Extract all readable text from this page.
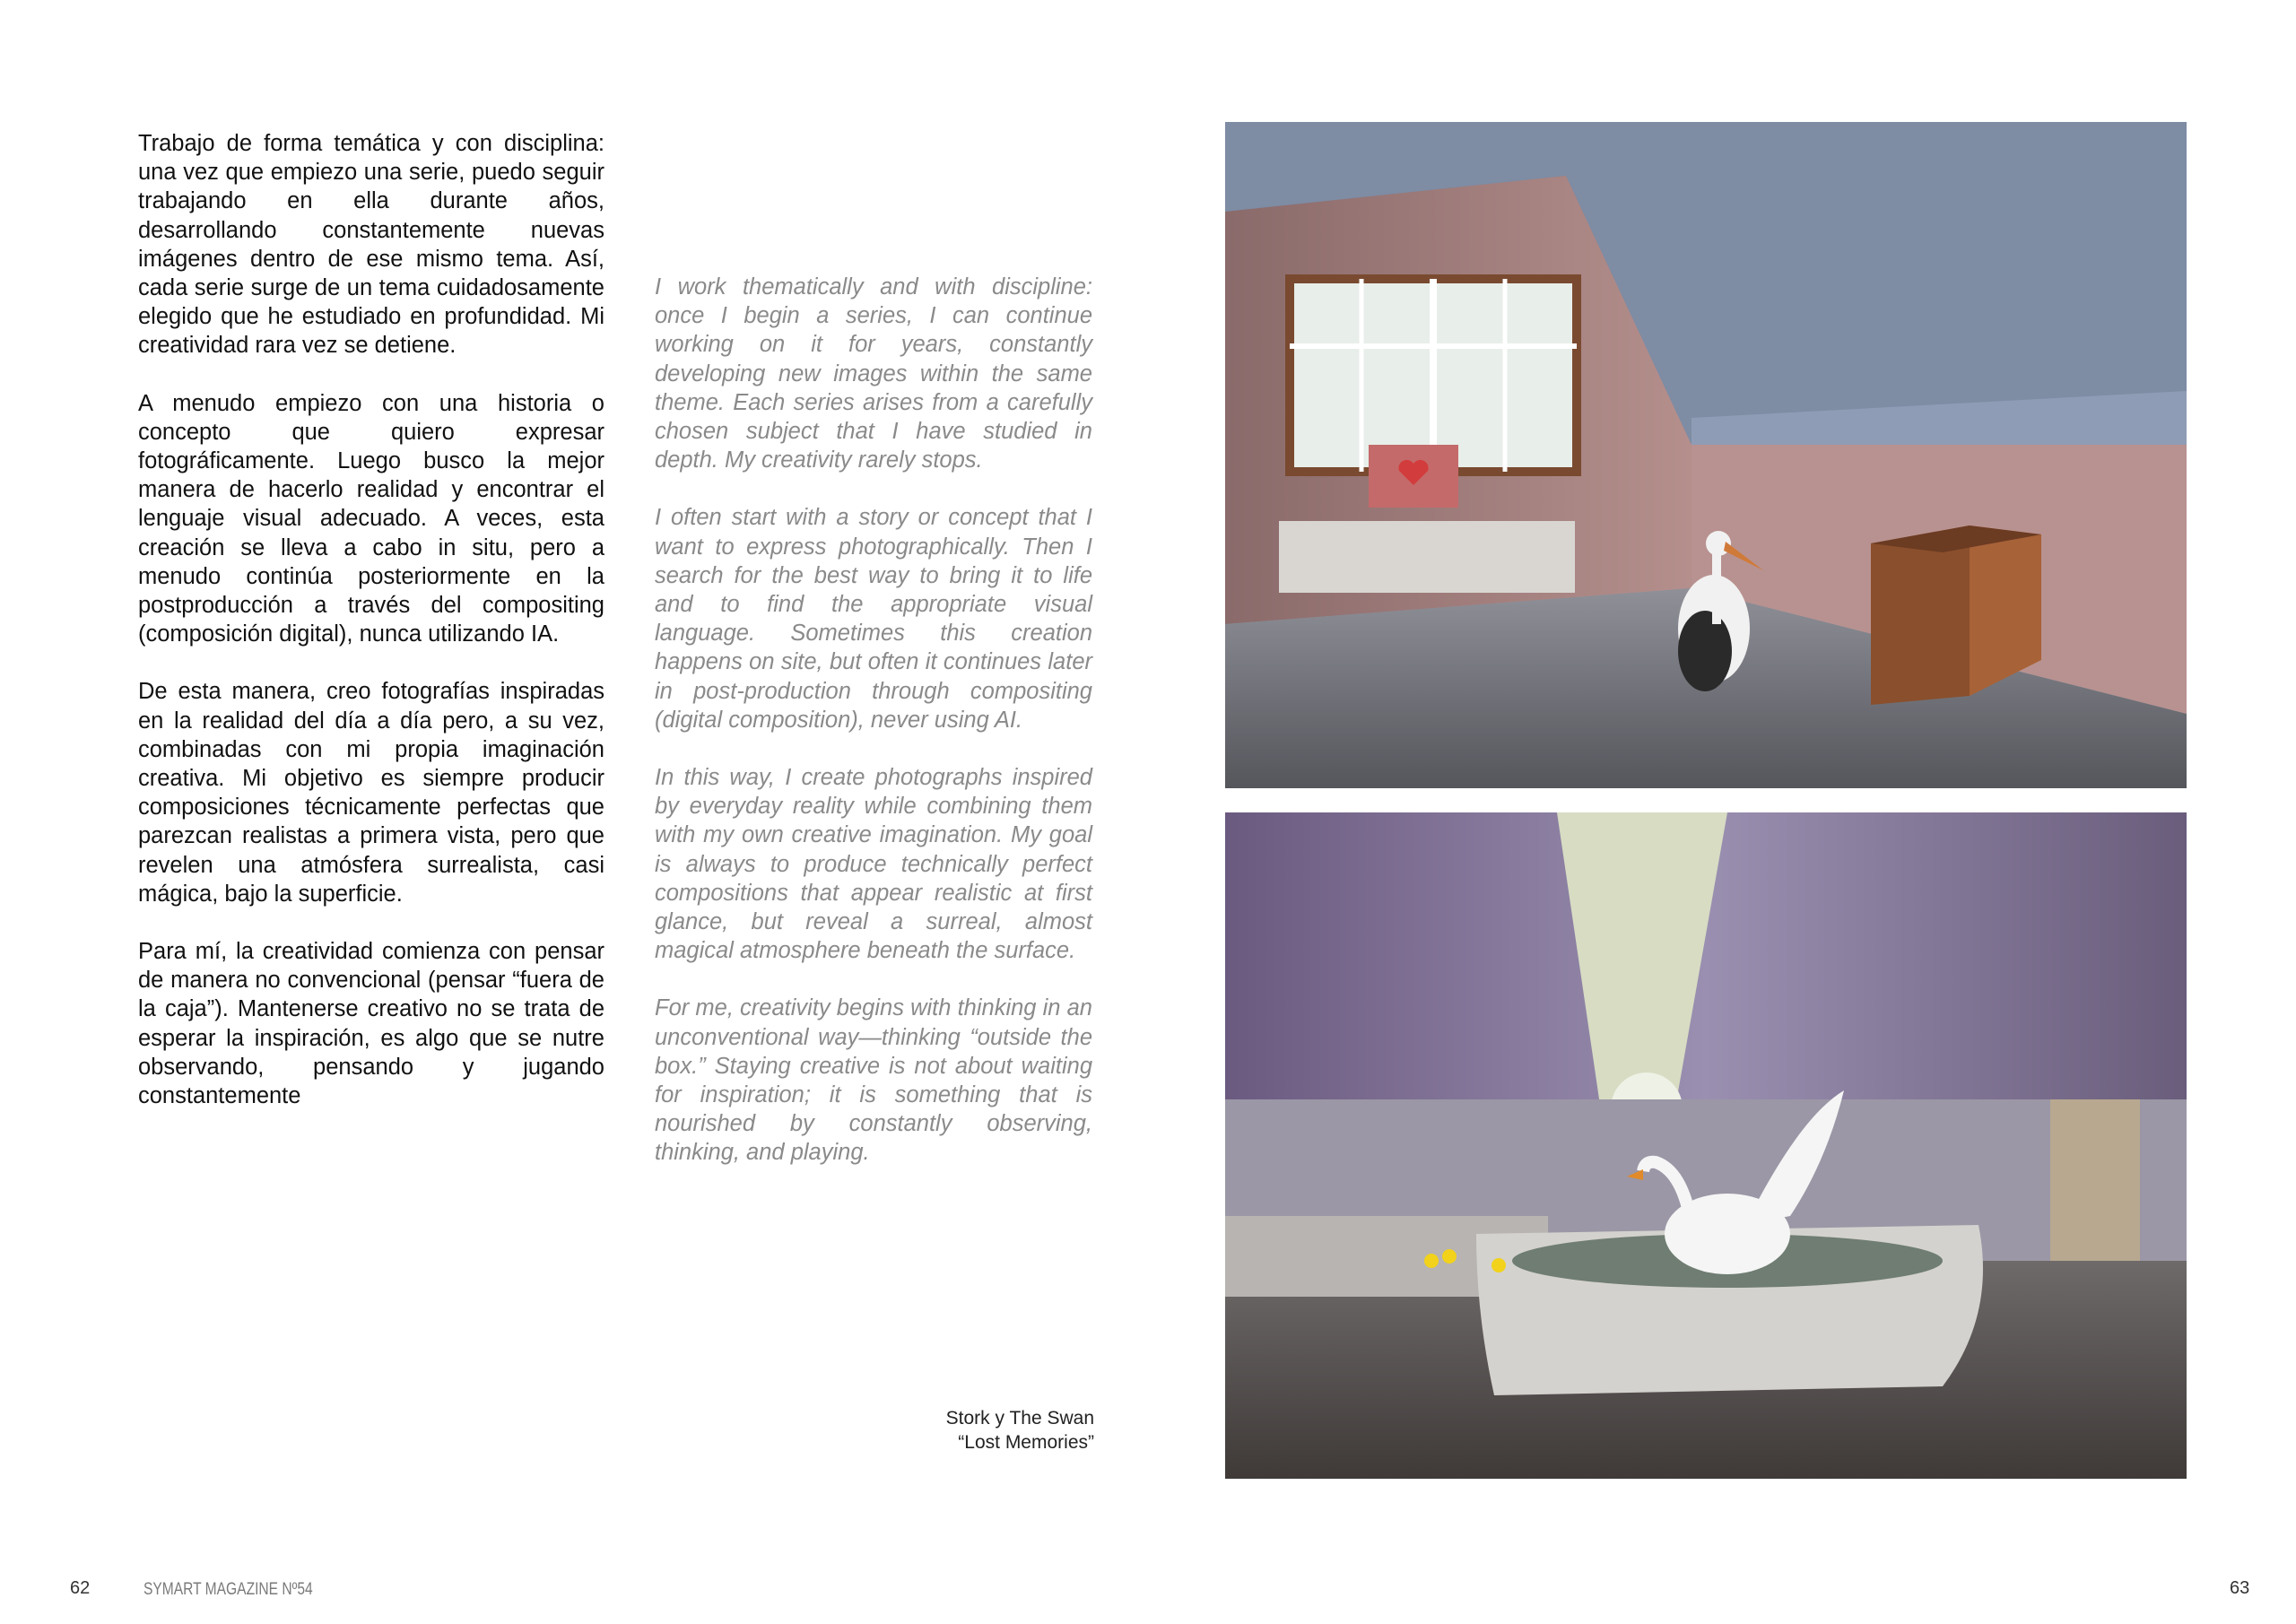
Trabajo de forma temática y con disciplina: una vez que empiezo una serie, puedo seguir trabajando en ella durante años, desarrollando constantemente nuevas imágenes dentro de ese mismo tema. Así, cada serie surge de un tema cuidadosamente elegido que he estudiado en profundidad. Mi creatividad rara vez se detiene.

A menudo empiezo con una historia o concepto que quiero expresar fotográficamente. Luego busco la mejor manera de hacerlo realidad y encontrar el lenguaje visual adecuado. A veces, esta creación se lleva a cabo in situ, pero a menudo continúa posteriormente en la postproducción a través del compositing (composición digital), nunca utilizando IA.

De esta manera, creo fotografías inspiradas en la realidad del día a día pero, a su vez, combinadas con mi propia imaginación creativa. Mi objetivo es siempre producir composiciones técnicamente perfectas que parezcan realistas a primera vista, pero que revelen una atmósfera surrealista, casi mágica, bajo la superficie.

Para mí, la creatividad comienza con pensar de manera no convencional (pensar “fuera de la caja”). Mantenerse creativo no se trata de esperar la inspiración, es algo que se nutre observando, pensando y jugando constantemente

I work thematically and with discipline: once I begin a series, I can continue working on it for years, constantly developing new images within the same theme. Each series arises from a carefully chosen subject that I have studied in depth. My creativity rarely stops.

I often start with a story or concept that I want to express photographically. Then I search for the best way to bring it to life and to find the appropriate visual language. Sometimes this creation happens on site, but often it continues later in post-production through compositing (digital composition), never using AI.

In this way, I create photographs inspired by everyday reality while combining them with my own creative imagination. My goal is always to produce technically perfect compositions that appear realistic at first glance, but reveal a surreal, almost magical atmosphere beneath the surface.

For me, creativity begins with thinking in an unconventional way—thinking “outside the box.” Staying creative is not about waiting for inspiration; it is something that is nourished by constantly observing, thinking, and playing.

Stork y The Swan
“Lost Memories”
62	SYMART MAGAZINE Nº54	63
